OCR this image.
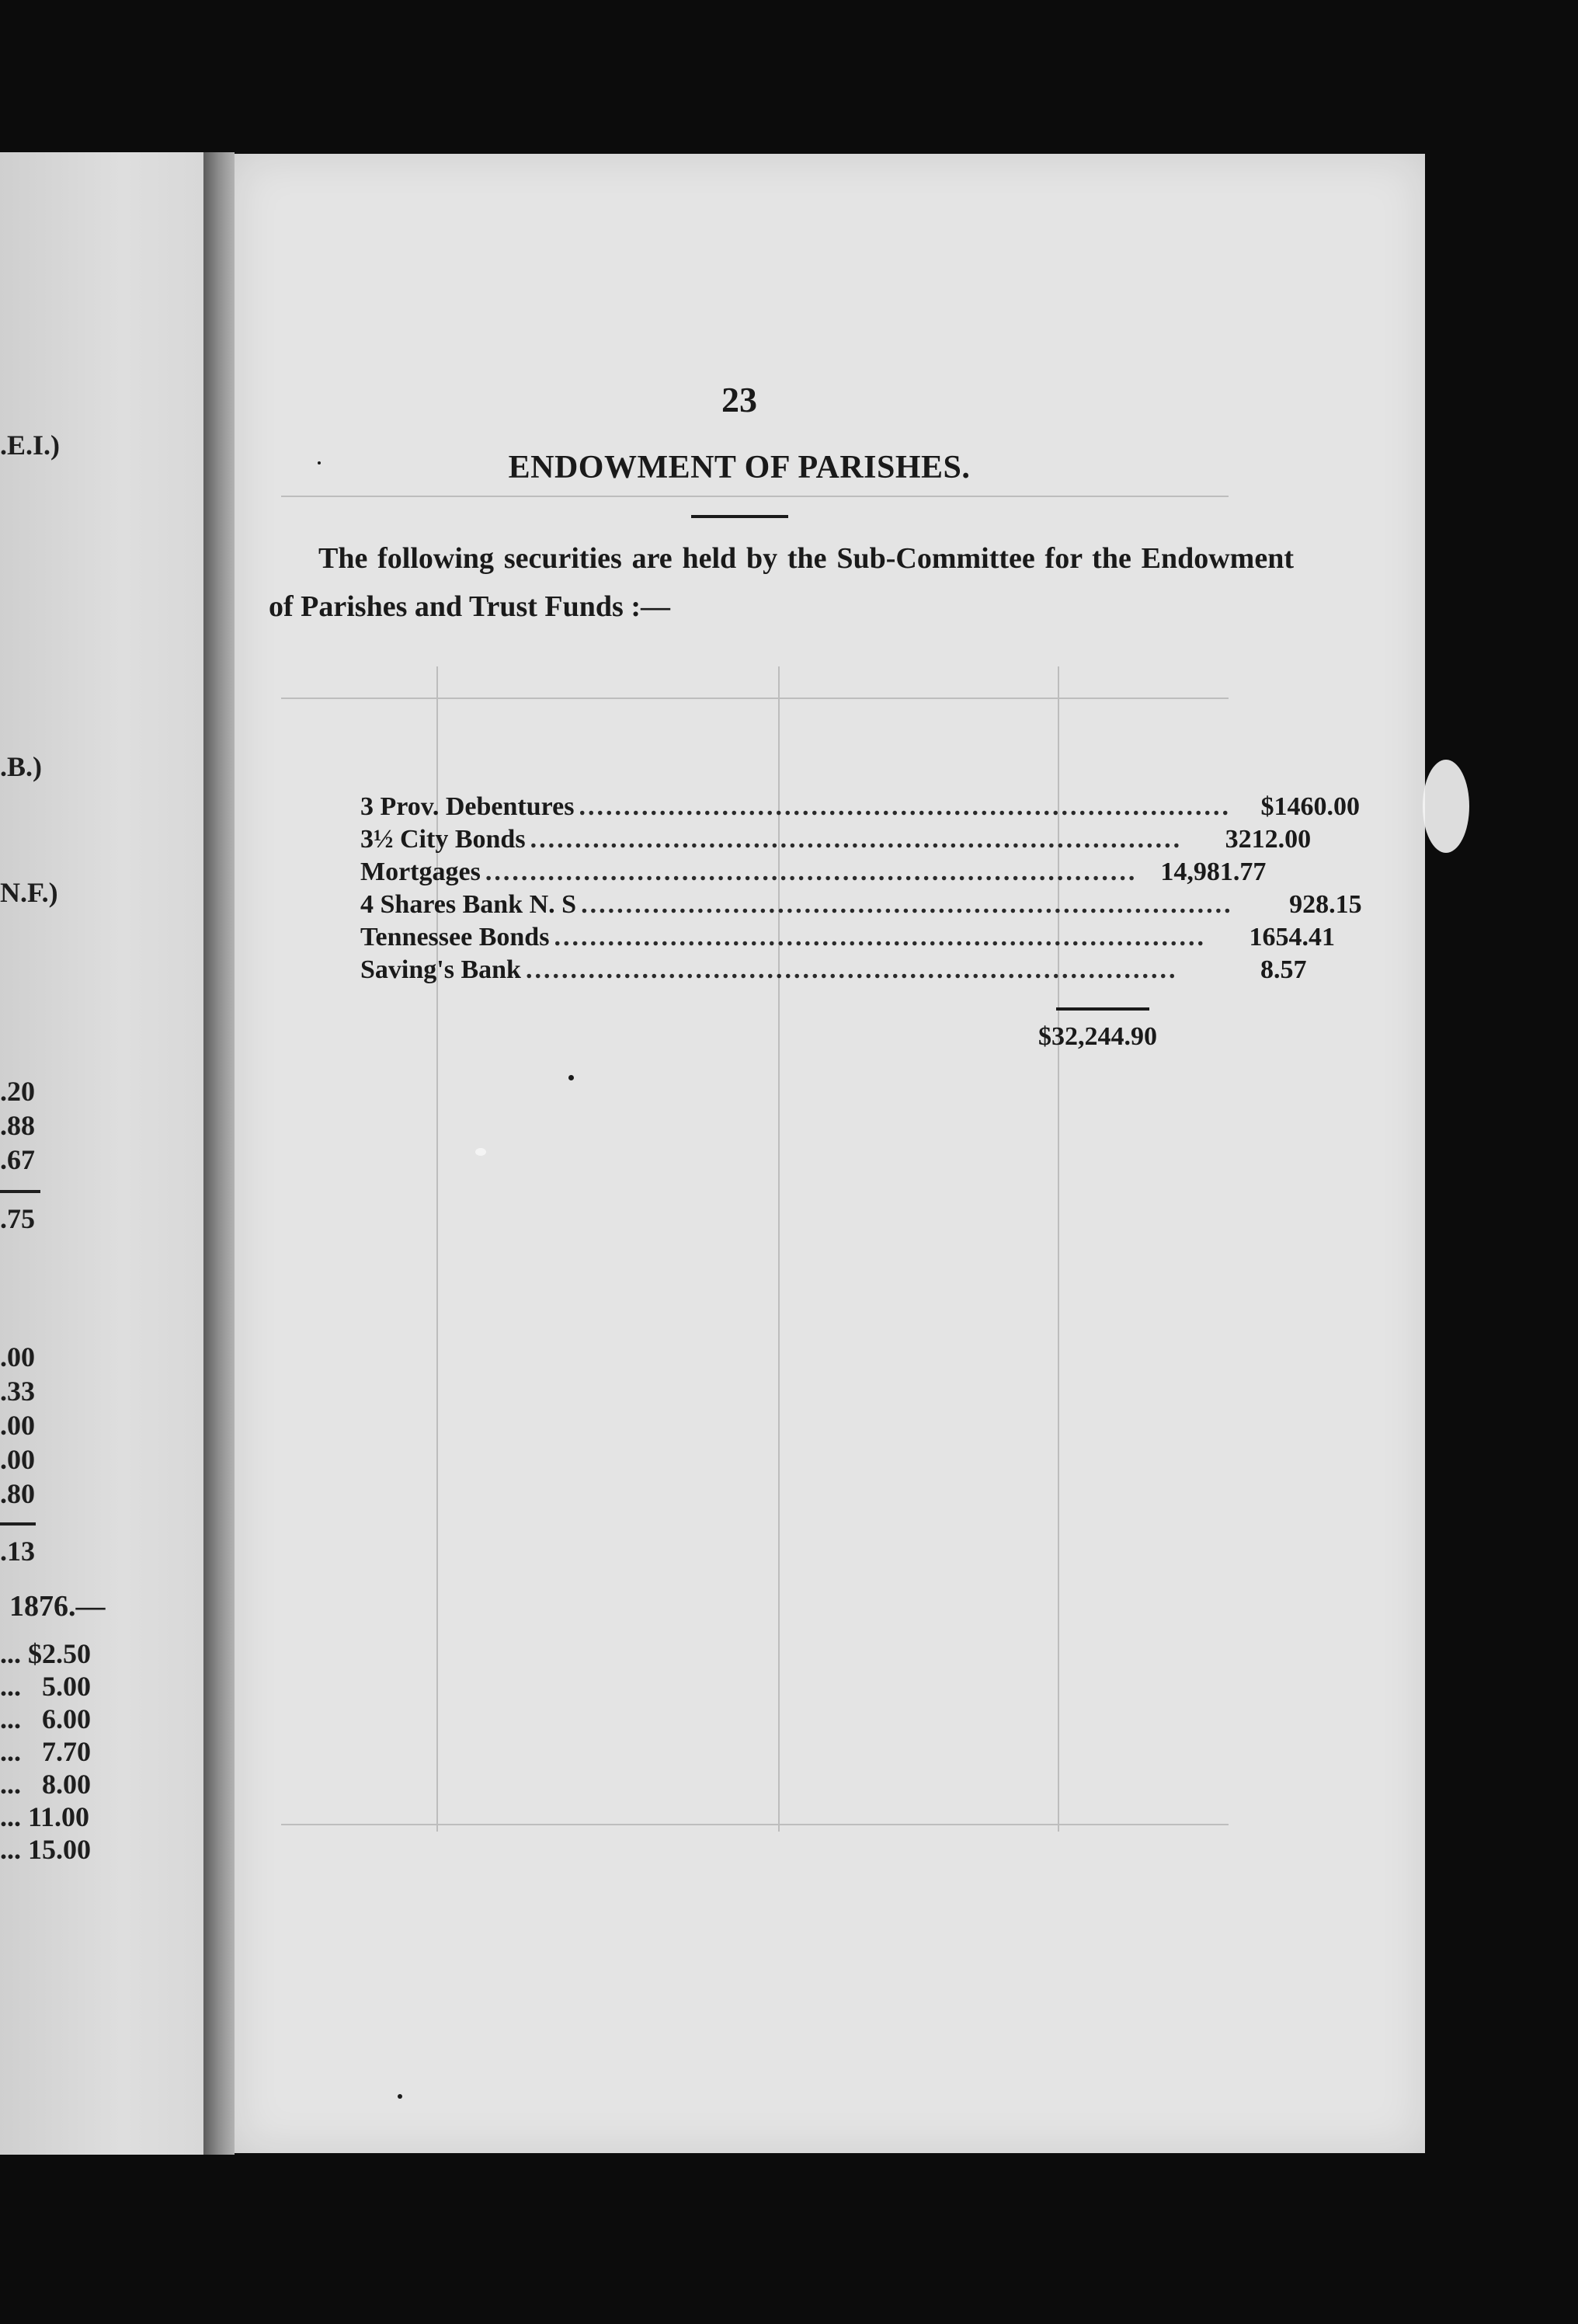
.E.I.)
.B.)
N.F.)
.20
.88
.67
.75
.00
.33
.00
.00
.80
.13
1876.—
... $2.50
... 5.00
... 6.00
... 7.70
... 8.00
... 11.00
... 15.00
23
ENDOWMENT OF PARISHES.
The following securities are held by the Sub-Committee for the Endowment of Parishes and Trust Funds :—
3 Prov. Debentures .........................................................................	$1460.00
3½ City Bonds .........................................................................	3212.00
Mortgages ......................................................................... 14,981.77
4 Shares Bank N. S .........................................................................	928.15
Tennessee Bonds .........................................................................	1654.41
Saving's Bank .........................................................................	8.57
$32,244.90
